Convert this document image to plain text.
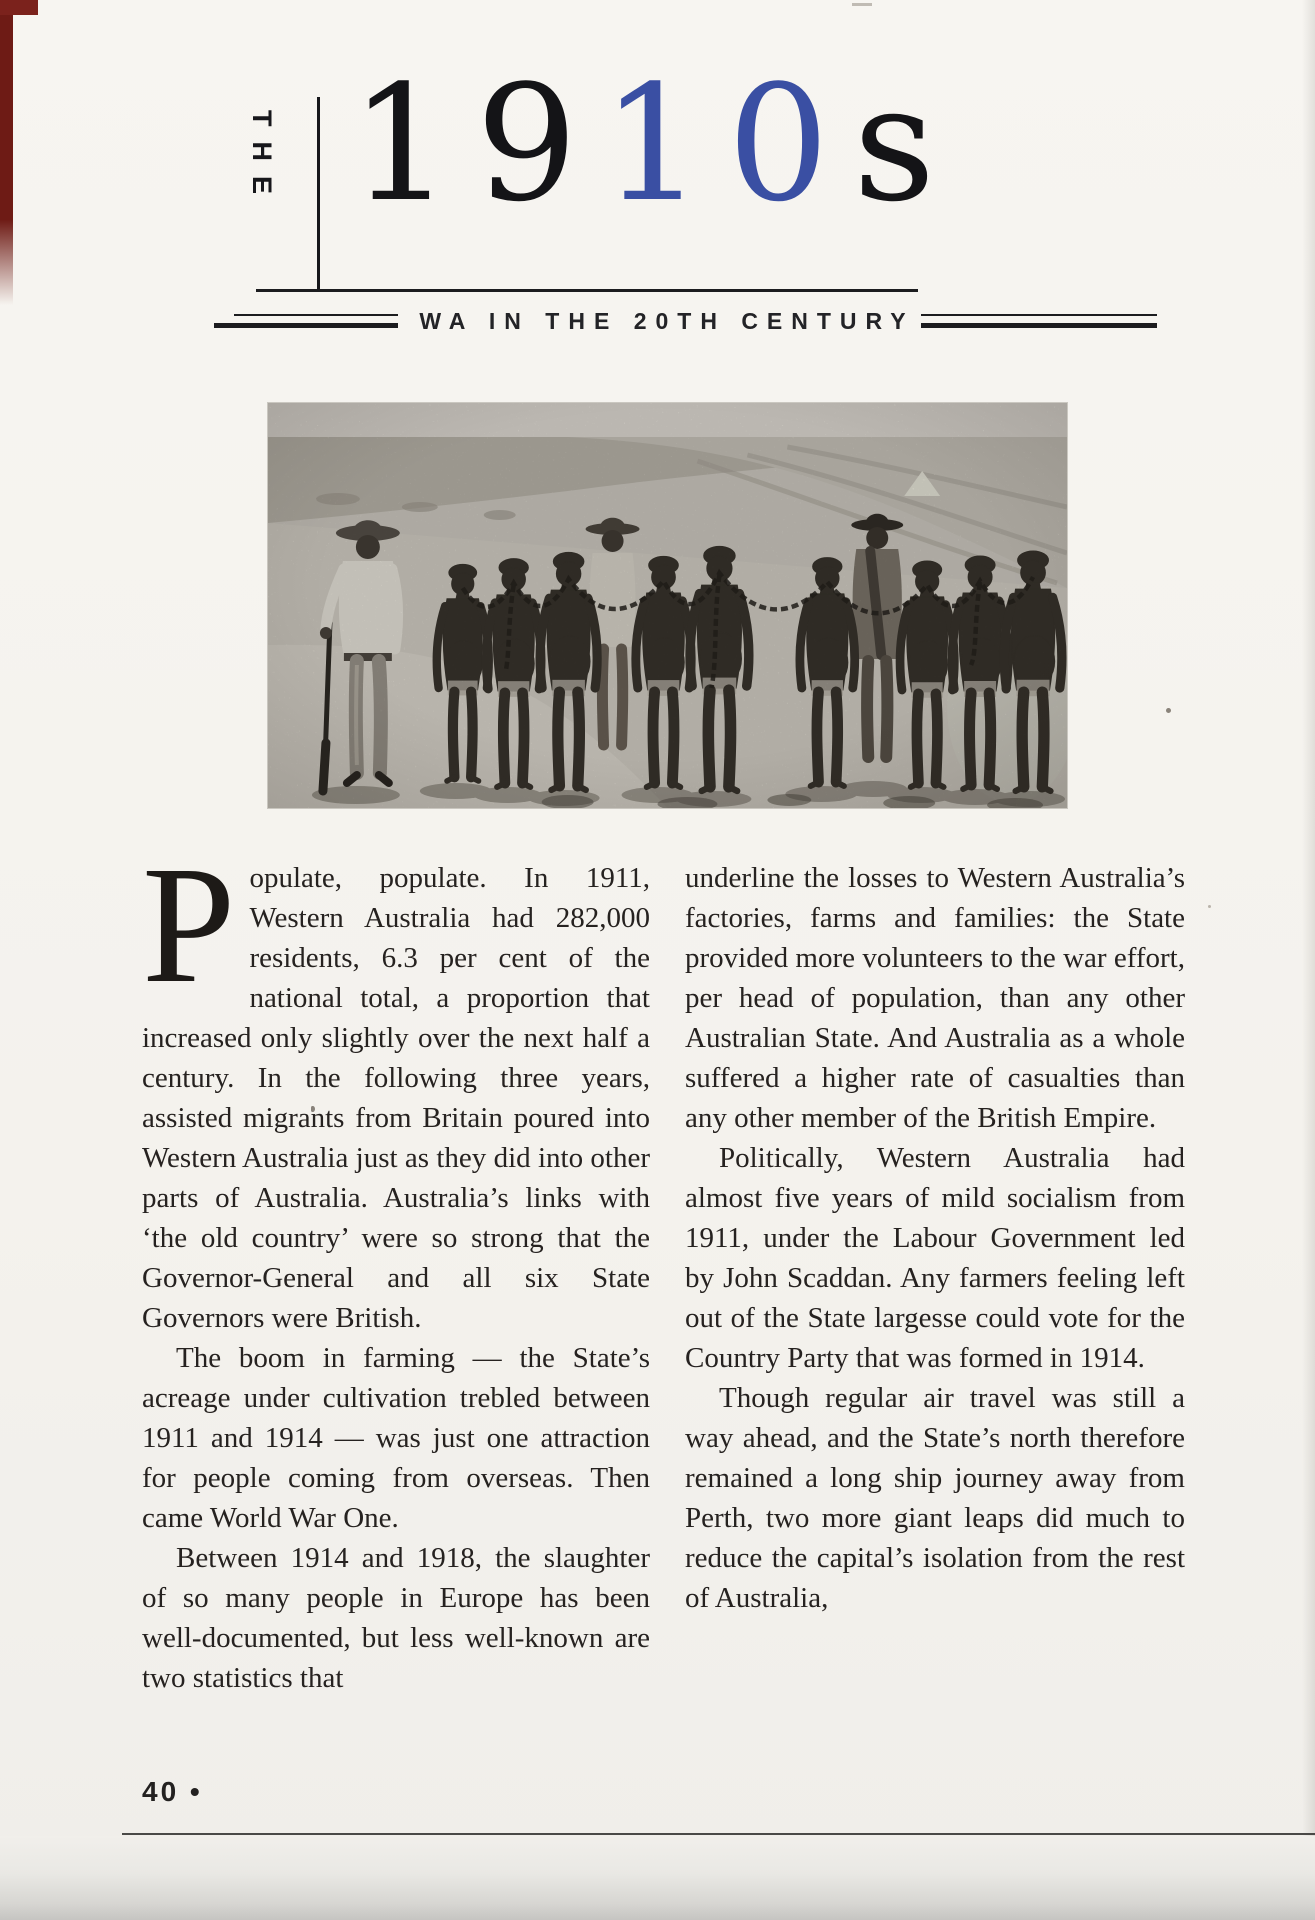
THE 1910s
WA IN THE 20TH CENTURY

Populate, populate. In 1911, Western Australia had 282,000 residents, 6.3 per cent of the national total, a proportion that increased only slightly over the next half a century. In the following three years, assisted migrants from Britain poured into Western Australia just as they did into other parts of Australia. Australia’s links with ‘the old country’ were so strong that the Governor-General and all six State Governors were British.

The boom in farming — the State’s acreage under cultivation trebled between 1911 and 1914 — was just one attraction for people coming from overseas. Then came World War One.

Between 1914 and 1918, the slaughter of so many people in Europe has been well-documented, but less well-known are two statistics that

underline the losses to Western Australia’s factories, farms and families: the State provided more volunteers to the war effort, per head of population, than any other Australian State. And Australia as a whole suffered a higher rate of casualties than any other member of the British Empire.

Politically, Western Australia had almost five years of mild socialism from 1911, under the Labour Government led by John Scaddan. Any farmers feeling left out of the State largesse could vote for the Country Party that was formed in 1914.

Though regular air travel was still a way ahead, and the State’s north therefore remained a long ship journey away from Perth, two more giant leaps did much to reduce the capital’s isolation from the rest of Australia,

40 •
